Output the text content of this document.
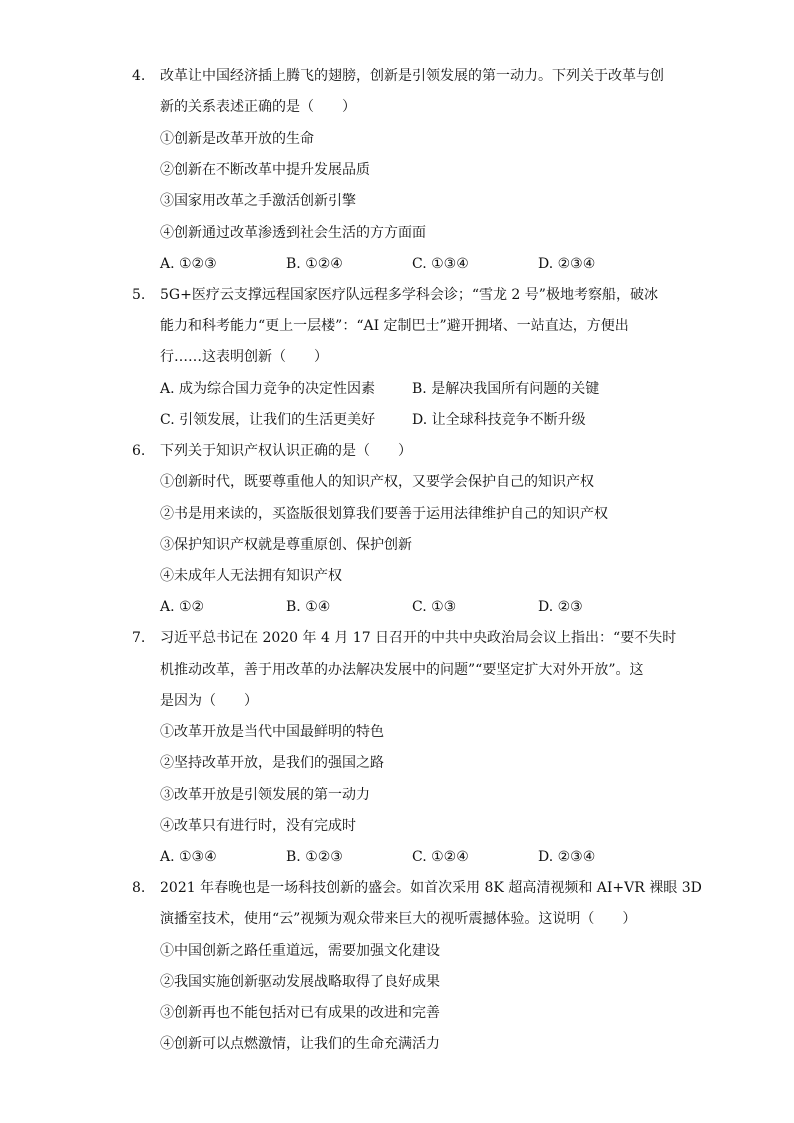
4.	改革让中国经济插上腾飞的翅膀，创新是引领发展的第一动力。下列关于改革与创
新的关系表述正确的是（　　）
①创新是改革开放的生命
②创新在不断改革中提升发展品质
③国家用改革之手激活创新引擎
④创新通过改革渗透到社会生活的方方面面
A. ①②③	B. ①②④	C. ①③④	D. ②③④
5.	5G+医疗云支撑远程国家医疗队远程多学科会诊；“雪龙 2 号”极地考察船，破冰
能力和科考能力“更上一层楼”：“AI 定制巴士”避开拥堵、一站直达，方便出
行……这表明创新（　　）
A. 成为综合国力竞争的决定性因素	B. 是解决我国所有问题的关键
C. 引领发展，让我们的生活更美好	D. 让全球科技竞争不断升级
6.	下列关于知识产权认识正确的是（　　）
①创新时代，既要尊重他人的知识产权，又要学会保护自己的知识产权
②书是用来读的，买盗版很划算我们要善于运用法律维护自己的知识产权
③保护知识产权就是尊重原创、保护创新
④未成年人无法拥有知识产权
A. ①②	B. ①④	C. ①③	D. ②③
7.	习近平总书记在 2020 年 4 月 17 日召开的中共中央政治局会议上指出：“要不失时
机推动改革，善于用改革的办法解决发展中的问题”“要坚定扩大对外开放”。这
是因为（　　）
①改革开放是当代中国最鲜明的特色
②坚持改革开放，是我们的强国之路
③改革开放是引领发展的第一动力
④改革只有进行时，没有完成时
A. ①③④	B. ①②③	C. ①②④	D. ②③④
8.	2021 年春晚也是一场科技创新的盛会。如首次采用 8K 超高清视频和 AI+VR 裸眼 3D
演播室技术，使用“云”视频为观众带来巨大的视听震撼体验。这说明（　　）
①中国创新之路任重道远，需要加强文化建设
②我国实施创新驱动发展战略取得了良好成果
③创新再也不能包括对已有成果的改进和完善
④创新可以点燃激情，让我们的生命充满活力
